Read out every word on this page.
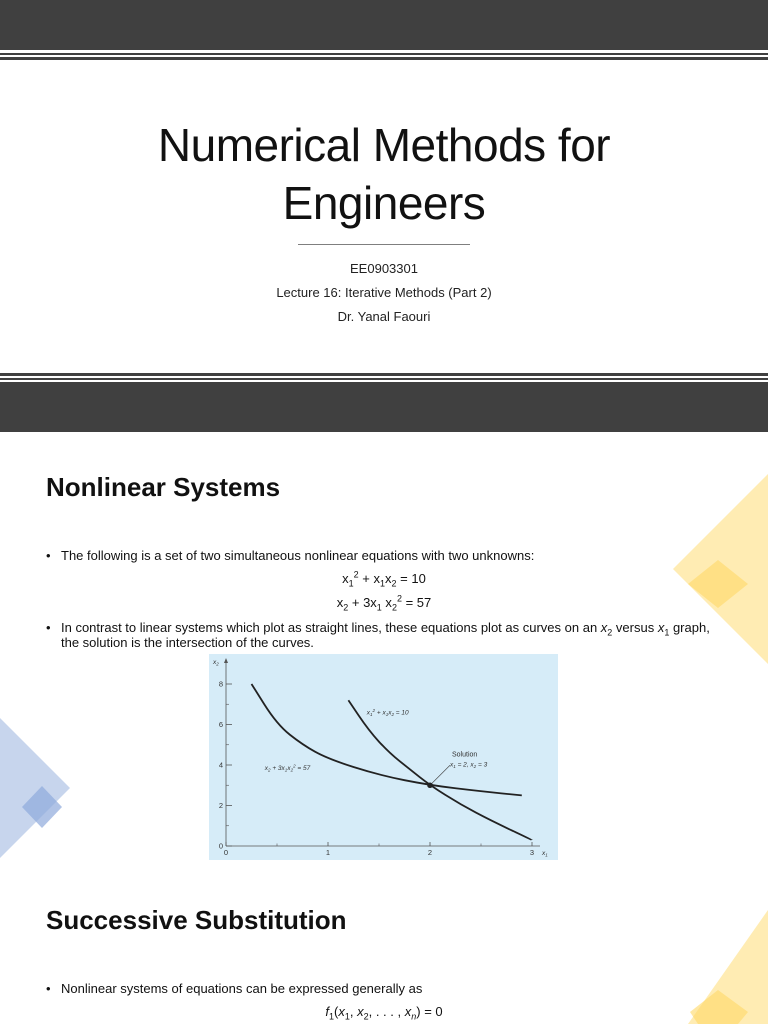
Numerical Methods for
Engineers
EE0903301
Lecture 16: Iterative Methods (Part 2)
Dr. Yanal Faouri
Nonlinear Systems
• The following is a set of two simultaneous nonlinear equations with two unknowns:
$x_1^2 + x_1x_2 = 10$
$x_2 + 3x_1$ $x_2^2 = 57$
• In contrast to linear systems which plot as straight lines, these equations plot as curves on an $x_2$ versus $x_1$ graph,
the solution is the intersection of the curves.
0
2
4
6
8
0	1	2	3
$x_2$
$x_1$
$x_2 + 3x_1x_2^2 = 57$
$x_1^2 + x_1x_2 = 10$
Solution
$x_1 = 2$, $x_2 = 3$
Successive Substitution
• Nonlinear systems of equations can be expressed generally as
$f_1(x_1$, $x_2$, . . . , $x_n) = 0$
